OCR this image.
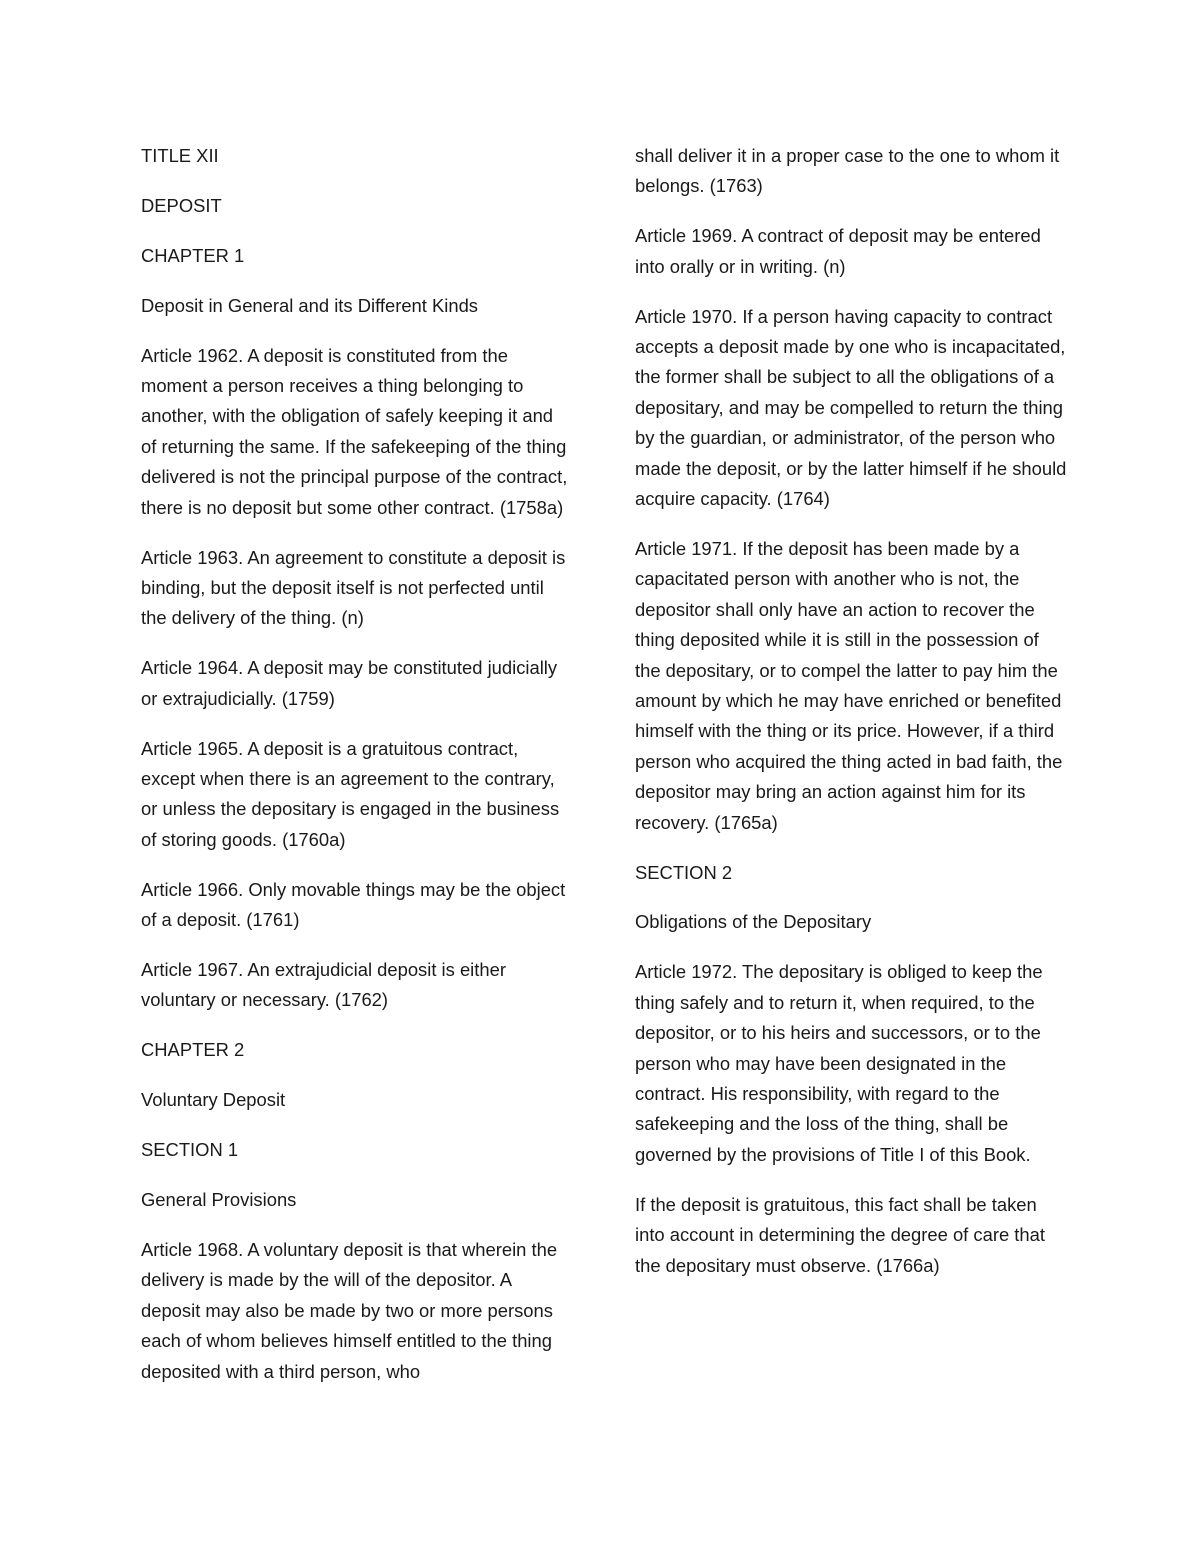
TITLE XII

DEPOSIT

CHAPTER 1

Deposit in General and its Different Kinds

Article 1962. A deposit is constituted from the moment a person receives a thing belonging to another, with the obligation of safely keeping it and of returning the same. If the safekeeping of the thing delivered is not the principal purpose of the contract, there is no deposit but some other contract. (1758a)

Article 1963. An agreement to constitute a deposit is binding, but the deposit itself is not perfected until the delivery of the thing. (n)

Article 1964. A deposit may be constituted judicially or extrajudicially. (1759)

Article 1965. A deposit is a gratuitous contract, except when there is an agreement to the contrary, or unless the depositary is engaged in the business of storing goods. (1760a)

Article 1966. Only movable things may be the object of a deposit. (1761)

Article 1967. An extrajudicial deposit is either voluntary or necessary. (1762)

CHAPTER 2

Voluntary Deposit

SECTION 1

General Provisions

Article 1968. A voluntary deposit is that wherein the delivery is made by the will of the depositor. A deposit may also be made by two or more persons each of whom believes himself entitled to the thing deposited with a third person, who

shall deliver it in a proper case to the one to whom it belongs. (1763)

Article 1969. A contract of deposit may be entered into orally or in writing. (n)

Article 1970. If a person having capacity to contract accepts a deposit made by one who is incapacitated, the former shall be subject to all the obligations of a depositary, and may be compelled to return the thing by the guardian, or administrator, of the person who made the deposit, or by the latter himself if he should acquire capacity. (1764)

Article 1971. If the deposit has been made by a capacitated person with another who is not, the depositor shall only have an action to recover the thing deposited while it is still in the possession of the depositary, or to compel the latter to pay him the amount by which he may have enriched or benefited himself with the thing or its price. However, if a third person who acquired the thing acted in bad faith, the depositor may bring an action against him for its recovery. (1765a)

SECTION 2

Obligations of the Depositary

Article 1972. The depositary is obliged to keep the thing safely and to return it, when required, to the depositor, or to his heirs and successors, or to the person who may have been designated in the contract. His responsibility, with regard to the safekeeping and the loss of the thing, shall be governed by the provisions of Title I of this Book.

If the deposit is gratuitous, this fact shall be taken into account in determining the degree of care that the depositary must observe. (1766a)
